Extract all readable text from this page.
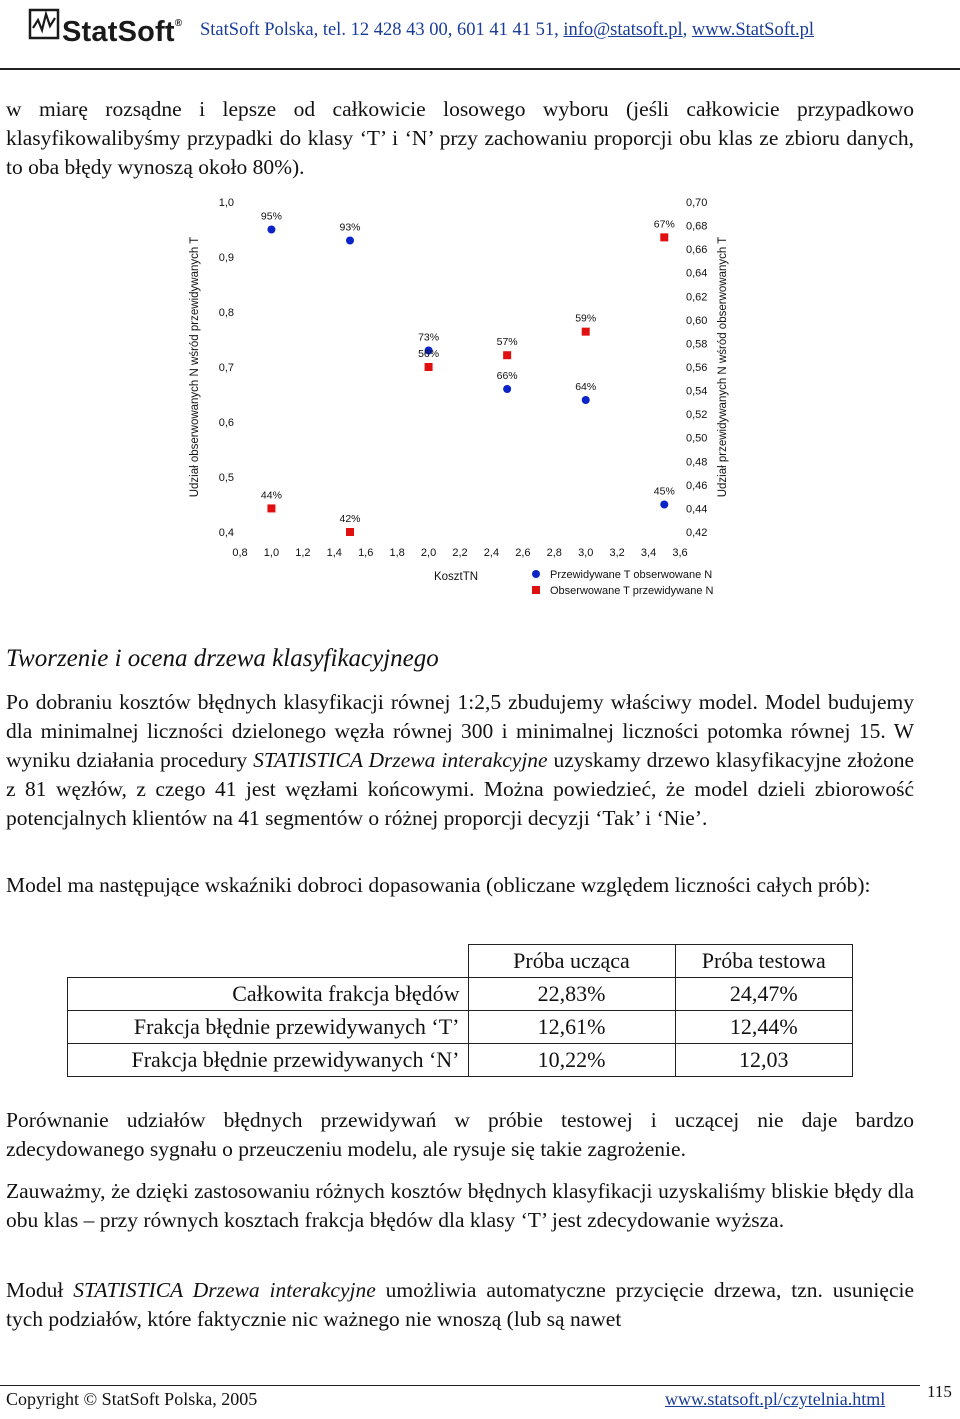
StatSoft® StatSoft Polska, tel. 12 428 43 00, 601 41 41 51, info@statsoft.pl, www.StatSoft.pl

w miarę rozsądne i lepsze od całkowicie losowego wyboru (jeśli całkowicie przypadkowo klasyfikowalibyśmy przypadki do klasy ‘T’ i ‘N’ przy zachowaniu proporcji obu klas ze zbioru danych, to oba błędy wynoszą około 80%).

1,0
0,9
0,8
0,7
0,6
0,5
0,4
0,70
0,68
0,66
0,64
0,62
0,60
0,58
0,56
0,54
0,52
0,50
0,48
0,46
0,44
0,42
0,8 1,0 1,2 1,4 1,6 1,8 2,0 2,2 2,4 2,6 2,8 3,0 3,2 3,4 3,6
Udział obserwowanych N wśród przewidywanych T	Udział przewidywanych N wśród obserwowanych T
KosztTN
95%
93%
73%
66%
64%
45%
44%
42%
56%
57%
59%
67%
Przewidywane T obserwowane N
Obserwowane T przewidywane N
Tworzenie i ocena drzewa klasyfikacyjnego

Po dobraniu kosztów błędnych klasyfikacji równej 1:2,5 zbudujemy właściwy model. Model budujemy dla minimalnej liczności dzielonego węzła równej 300 i minimalnej liczności potomka równej 15. W wyniku działania procedury STATISTICA Drzewa interakcyjne uzyskamy drzewo klasyfikacyjne złożone z 81 węzłów, z czego 41 jest węzłami końcowymi. Można powiedzieć, że model dzieli zbiorowość potencjalnych klientów na 41 segmentów o różnej proporcji decyzji ‘Tak’ i ‘Nie’.

Model ma następujące wskaźniki dobroci dopasowania (obliczane względem liczności całych prób):

	Próba ucząca	Próba testowa
Całkowita frakcja błędów	22,83%	24,47%
Frakcja błędnie przewidywanych ‘T’	12,61%	12,44%
Frakcja błędnie przewidywanych ‘N’	10,22%	12,03

Porównanie udziałów błędnych przewidywań w próbie testowej i uczącej nie daje bardzo zdecydowanego sygnału o przeuczeniu modelu, ale rysuje się takie zagrożenie.

Zauważmy, że dzięki zastosowaniu różnych kosztów błędnych klasyfikacji uzyskaliśmy bliskie błędy dla obu klas – przy równych kosztach frakcja błędów dla klasy ‘T’ jest zdecydowanie wyższa.

Moduł STATISTICA Drzewa interakcyjne umożliwia automatyczne przycięcie drzewa, tzn. usunięcie tych podziałów, które faktycznie nic ważnego nie wnoszą (lub są nawet

Copyright © StatSoft Polska, 2005	www.statsoft.pl/czytelnia.html 115
